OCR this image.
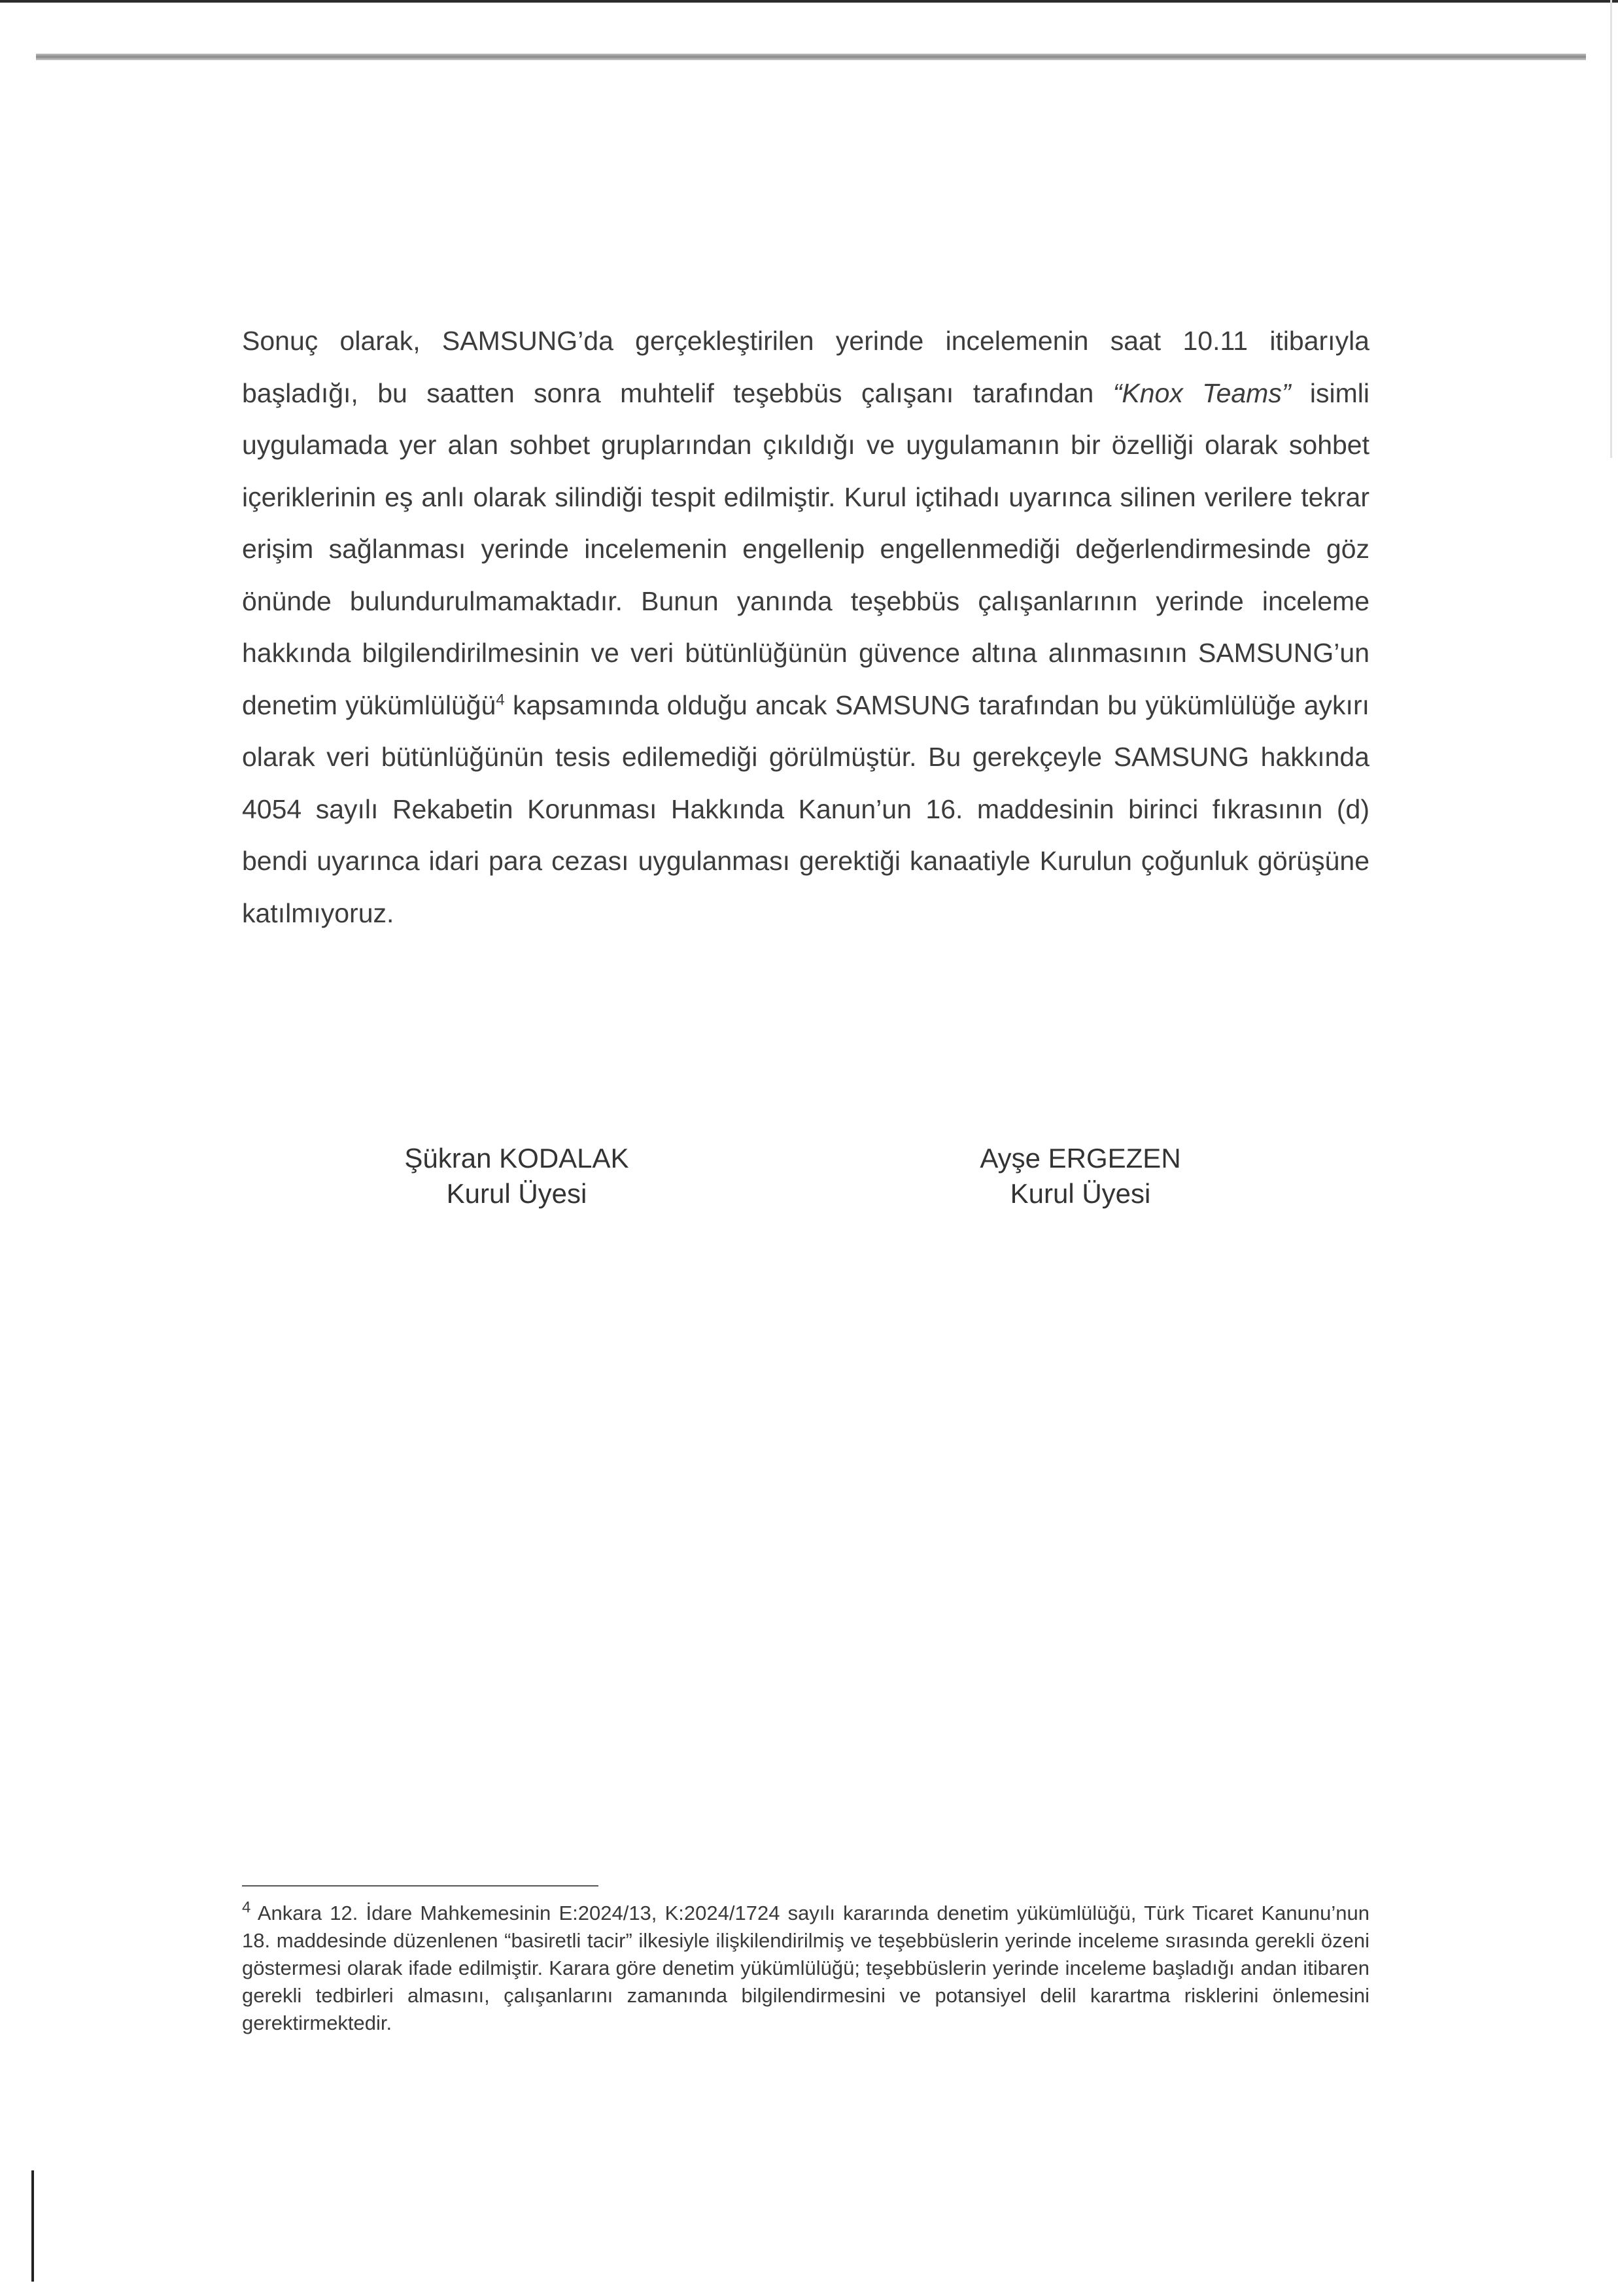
Sonuç olarak, SAMSUNG’da gerçekleştirilen yerinde incelemenin saat 10.11 itibarıyla başladığı, bu saatten sonra muhtelif teşebbüs çalışanı tarafından “Knox Teams” isimli uygulamada yer alan sohbet gruplarından çıkıldığı ve uygulamanın bir özelliği olarak sohbet içeriklerinin eş anlı olarak silindiği tespit edilmiştir. Kurul içtihadı uyarınca silinen verilere tekrar erişim sağlanması yerinde incelemenin engellenip engellenmediği değerlendirmesinde göz önünde bulundurulmamaktadır. Bunun yanında teşebbüs çalışanlarının yerinde inceleme hakkında bilgilendirilmesinin ve veri bütünlüğünün güvence altına alınmasının SAMSUNG’un denetim yükümlülüğü$^4$ kapsamında olduğu ancak SAMSUNG tarafından bu yükümlülüğe aykırı olarak veri bütünlüğünün tesis edilemediği görülmüştür. Bu gerekçeyle SAMSUNG hakkında 4054 sayılı Rekabetin Korunması Hakkında Kanun’un 16. maddesinin birinci fıkrasının (d) bendi uyarınca idari para cezası uygulanması gerektiği kanaatiyle Kurulun çoğunluk görüşüne katılmıyoruz.

Şükran KODALAK
Kurul Üyesi
Ayşe ERGEZEN
Kurul Üyesi

$^4$ Ankara 12. İdare Mahkemesinin E:2024/13, K:2024/1724 sayılı kararında denetim yükümlülüğü, Türk Ticaret Kanunu’nun 18. maddesinde düzenlenen “basiretli tacir” ilkesiyle ilişkilendirilmiş ve teşebbüslerin yerinde inceleme sırasında gerekli özeni göstermesi olarak ifade edilmiştir. Karara göre denetim yükümlülüğü; teşebbüslerin yerinde inceleme başladığı andan itibaren gerekli tedbirleri almasını, çalışanlarını zamanında bilgilendirmesini ve potansiyel delil karartma risklerini önlemesini gerektirmektedir.
